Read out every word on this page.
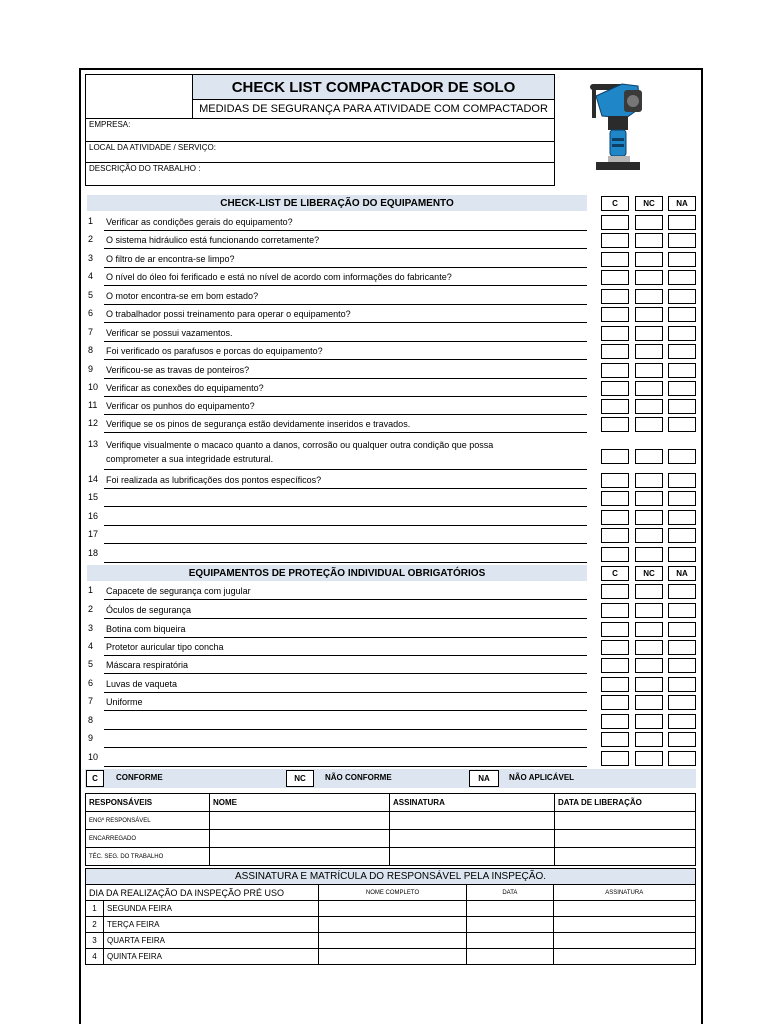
CHECK LIST COMPACTADOR DE SOLO
MEDIDAS DE SEGURANÇA PARA ATIVIDADE COM COMPACTADOR
EMPRESA:
LOCAL DA ATIVIDADE / SERVIÇO:
DESCRIÇÃO DO TRABALHO :
CHECK-LIST DE LIBERAÇÃO DO EQUIPAMENTO	C	NC	NA
1 Verificar as condições gerais do equipamento?
2 O sistema hidráulico está funcionando corretamente?
3 O filtro de ar encontra-se limpo?
4 O nível do óleo foi ferificado e está no nível de acordo com informações do fabricante?
5 O motor encontra-se em bom estado?
6 O trabalhador possi treinamento para operar o equipamento?
7 Verificar se possui vazamentos.
8 Foi verificado os parafusos e porcas do equipamento?
9 Verificou-se as travas de ponteiros?
10 Verificar as conexões do equipamento?
11 Verificar os punhos do equipamento?
12 Verifique se os pinos de segurança estão devidamente inseridos e travados.
13 Verifique visualmente o macaco quanto a danos, corrosão ou qualquer outra condição que possa
comprometer a sua integridade estrutural.
14 Foi realizada as lubrificações dos pontos específicos?
15
16
17
18
EQUIPAMENTOS DE PROTEÇÃO INDIVIDUAL OBRIGATÓRIOS	C	NC	NA
1 Capacete de segurança com jugular
2 Óculos de segurança
3 Botina com biqueira
4 Protetor auricular tipo concha
5 Máscara respiratória
6 Luvas de vaqueta
7 Uniforme
8
9
10
C	CONFORME	NC	NÃO CONFORME	NA	NÃO APLICÁVEL
RESPONSÁVEIS	NOME	ASSINATURA	DATA DE LIBERAÇÃO
ENGº RESPONSÁVEL			
ENCARREGADO			
TÉC. SEG. DO TRABALHO			
ASSINATURA E MATRÍCULA DO RESPONSÁVEL PELA INSPEÇÃO.				
DIA DA REALIZAÇÃO DA INSPEÇÃO PRÉ USO		NOME COMPLETO	DATA	ASSINATURA
1	SEGUNDA FEIRA			
2	TERÇA FEIRA			
3	QUARTA FEIRA			
4	QUINTA FEIRA			
